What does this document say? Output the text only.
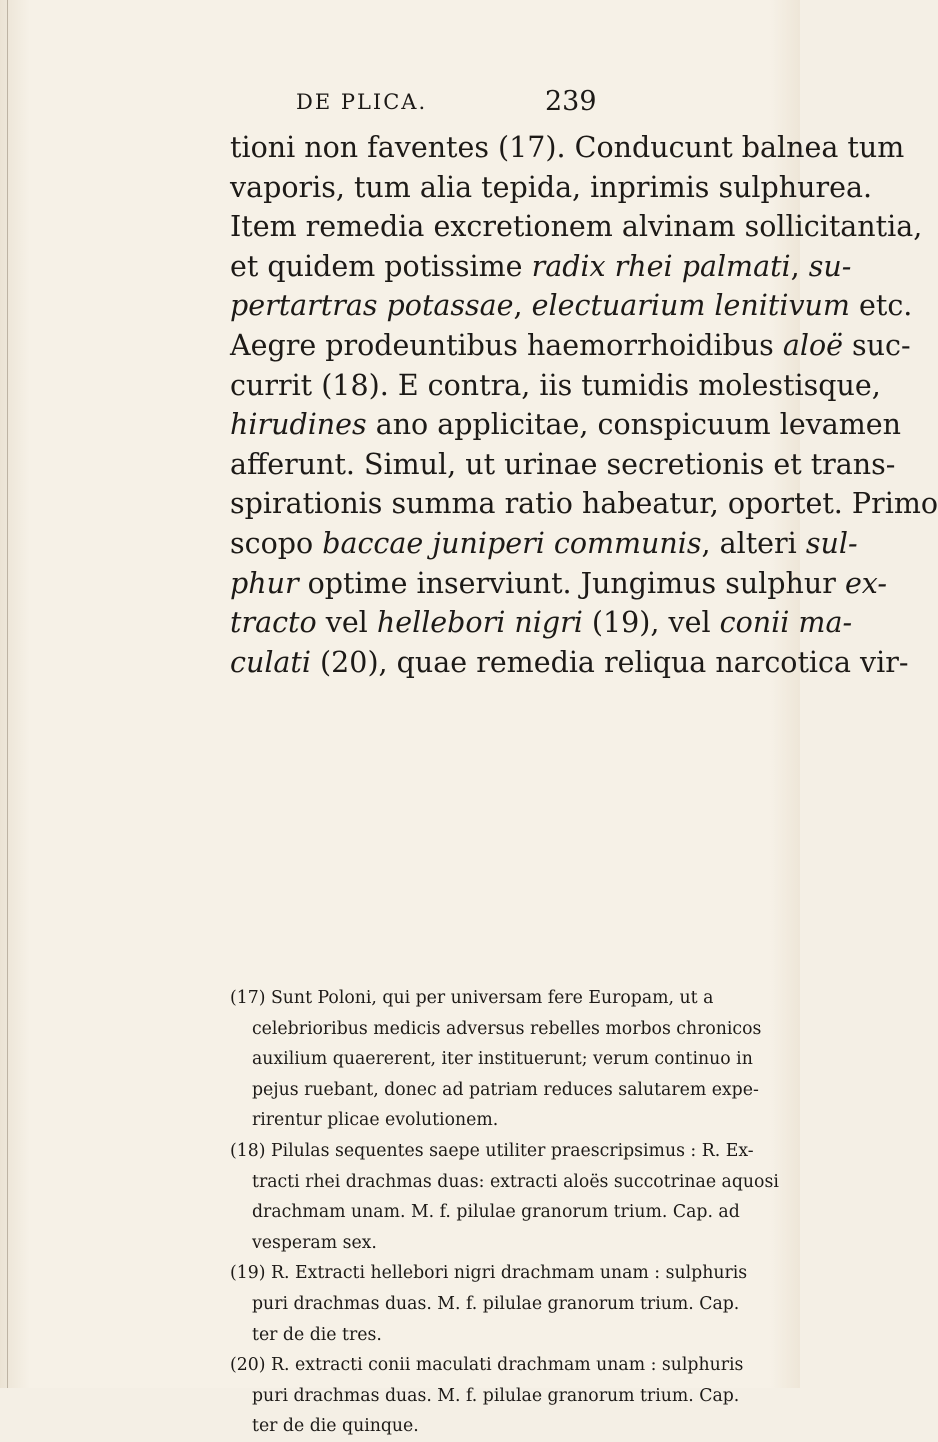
DE PLICA.	239
tioni non faventes (17). Conducunt balnea tum
vaporis, tum alia tepida, inprimis sulphurea.
Item remedia excretionem alvinam sollicitantia,
et quidem potissime radix rhei palmati, su-
pertartras potassae, electuarium lenitivum etc.
Aegre prodeuntibus haemorrhoidibus aloë suc-
currit (18). E contra, iis tumidis molestisque,
hirudines ano applicitae, conspicuum levamen
afferunt. Simul, ut urinae secretionis et trans-
spirationis summa ratio habeatur, oportet. Primo
scopo baccae juniperi communis, alteri sul-
phur optime inserviunt. Jungimus sulphur ex-
tracto vel hellebori nigri (19), vel conii ma-
culati (20), quae remedia reliqua narcotica vir-
(17) Sunt Poloni, qui per universam fere Europam, ut a
celebrioribus medicis adversus rebelles morbos chronicos
auxilium quaererent, iter instituerunt; verum continuo in
pejus ruebant, donec ad patriam reduces salutarem expe-
rirentur plicae evolutionem.
(18) Pilulas sequentes saepe utiliter praescripsimus : R. Ex-
tracti rhei drachmas duas: extracti aloës succotrinae aquosi
drachmam unam. M. f. pilulae granorum trium. Cap. ad
vesperam sex.
(19) R. Extracti hellebori nigri drachmam unam : sulphuris
puri drachmas duas. M. f. pilulae granorum trium. Cap.
ter de die tres.
(20) R. extracti conii maculati drachmam unam : sulphuris
puri drachmas duas. M. f. pilulae granorum trium. Cap.
ter de die quinque.
